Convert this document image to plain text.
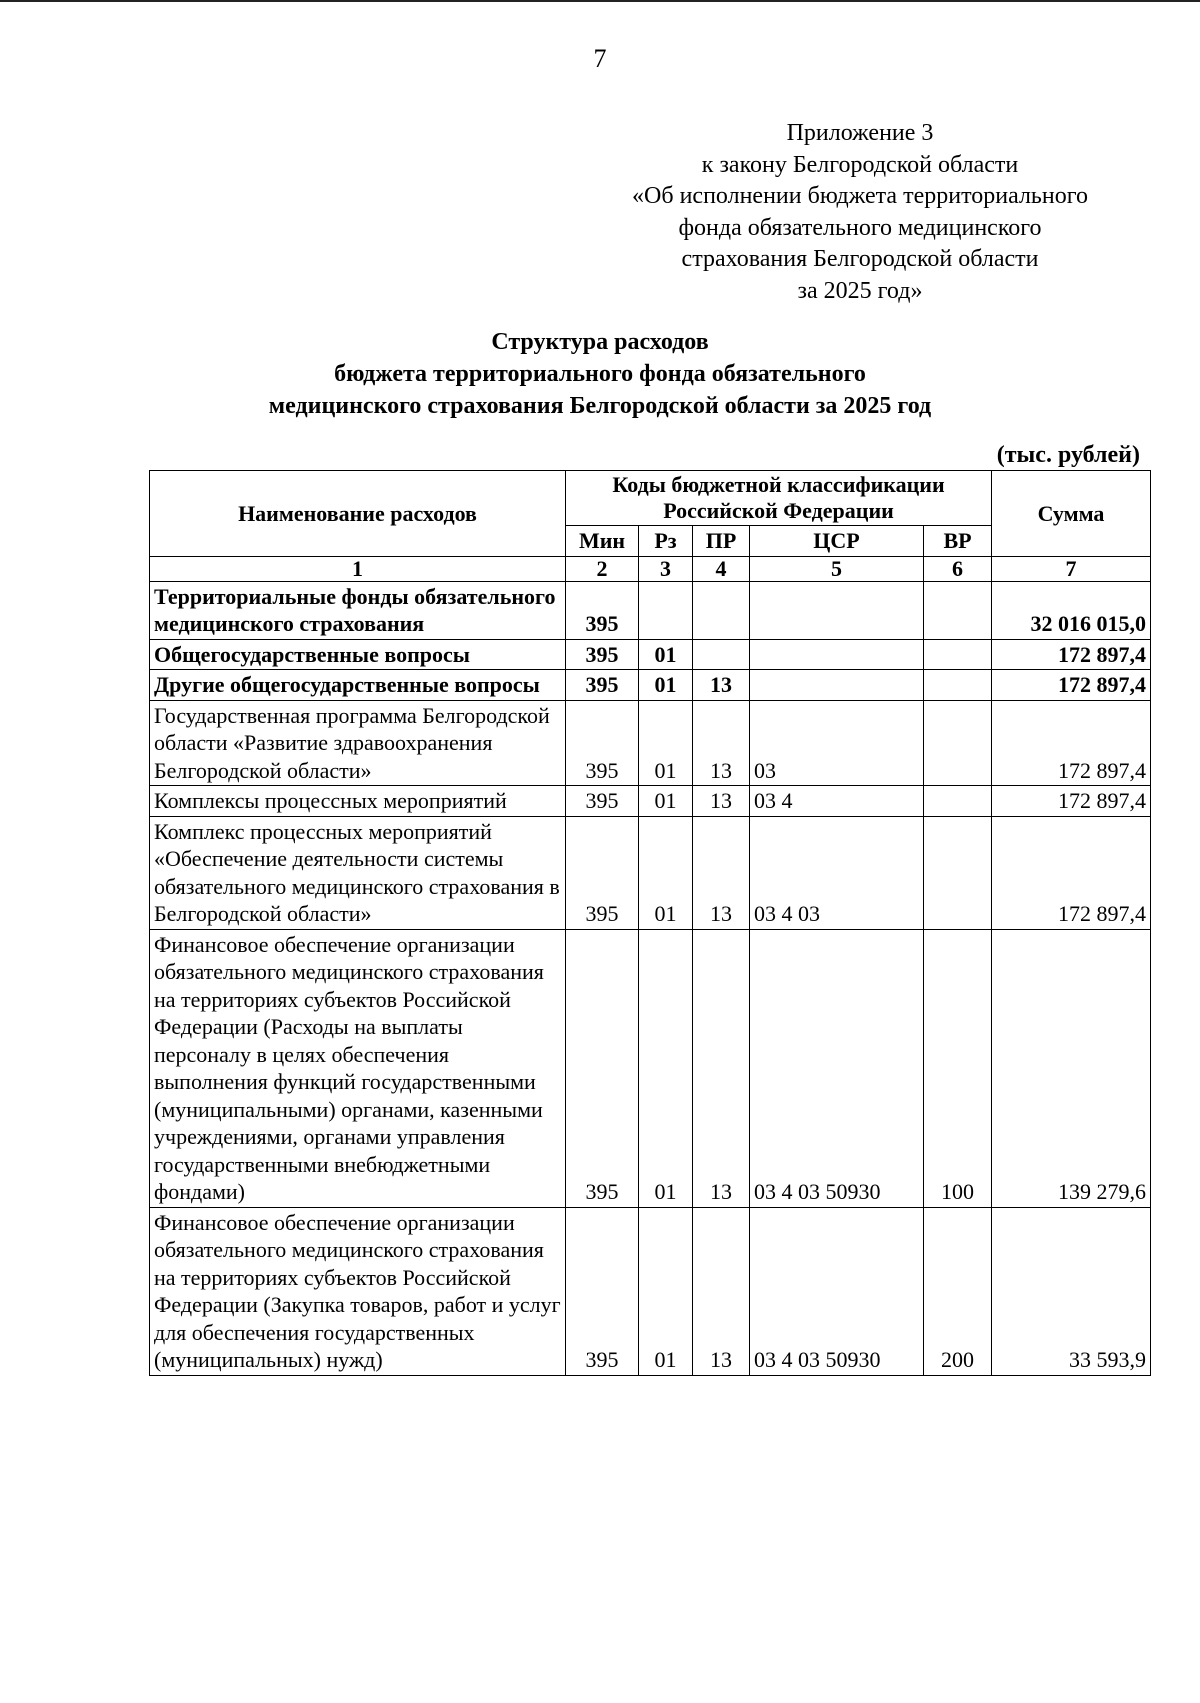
7
Приложение 3
к закону Белгородской области
«Об исполнении бюджета территориального
фонда обязательного медицинского
страхования Белгородской области
за 2025 год»
Структура расходов
бюджета территориального фонда обязательного
медицинского страхования Белгородской области за 2025 год
(тыс. рублей)
Наименование расходов	Коды бюджетной классификации Российской Федерации					Сумма
	Мин	Рз	ПР	ЦСР	ВР	
1	2	3	4	5	6	7
Территориальные фонды обязательного медицинского страхования	395					32 016 015,0
Общегосударственные вопросы	395	01				172 897,4
Другие общегосударственные вопросы	395	01	13			172 897,4
Государственная программа Белгородской области «Развитие здравоохранения Белгородской области»	395	01	13	03		172 897,4
Комплексы процессных мероприятий	395	01	13	03 4		172 897,4
Комплекс процессных мероприятий «Обеспечение деятельности системы обязательного медицинского страхования в Белгородской области»	395	01	13	03 4 03		172 897,4
Финансовое обеспечение организации обязательного медицинского страхования на территориях субъектов Российской Федерации (Расходы на выплаты персоналу в целях обеспечения выполнения функций государственными (муниципальными) органами, казенными учреждениями, органами управления государственными внебюджетными фондами)	395	01	13	03 4 03 50930	100	139 279,6
Финансовое обеспечение организации обязательного медицинского страхования на территориях субъектов Российской Федерации (Закупка товаров, работ и услуг для обеспечения государственных (муниципальных) нужд)	395	01	13	03 4 03 50930	200	33 593,9
